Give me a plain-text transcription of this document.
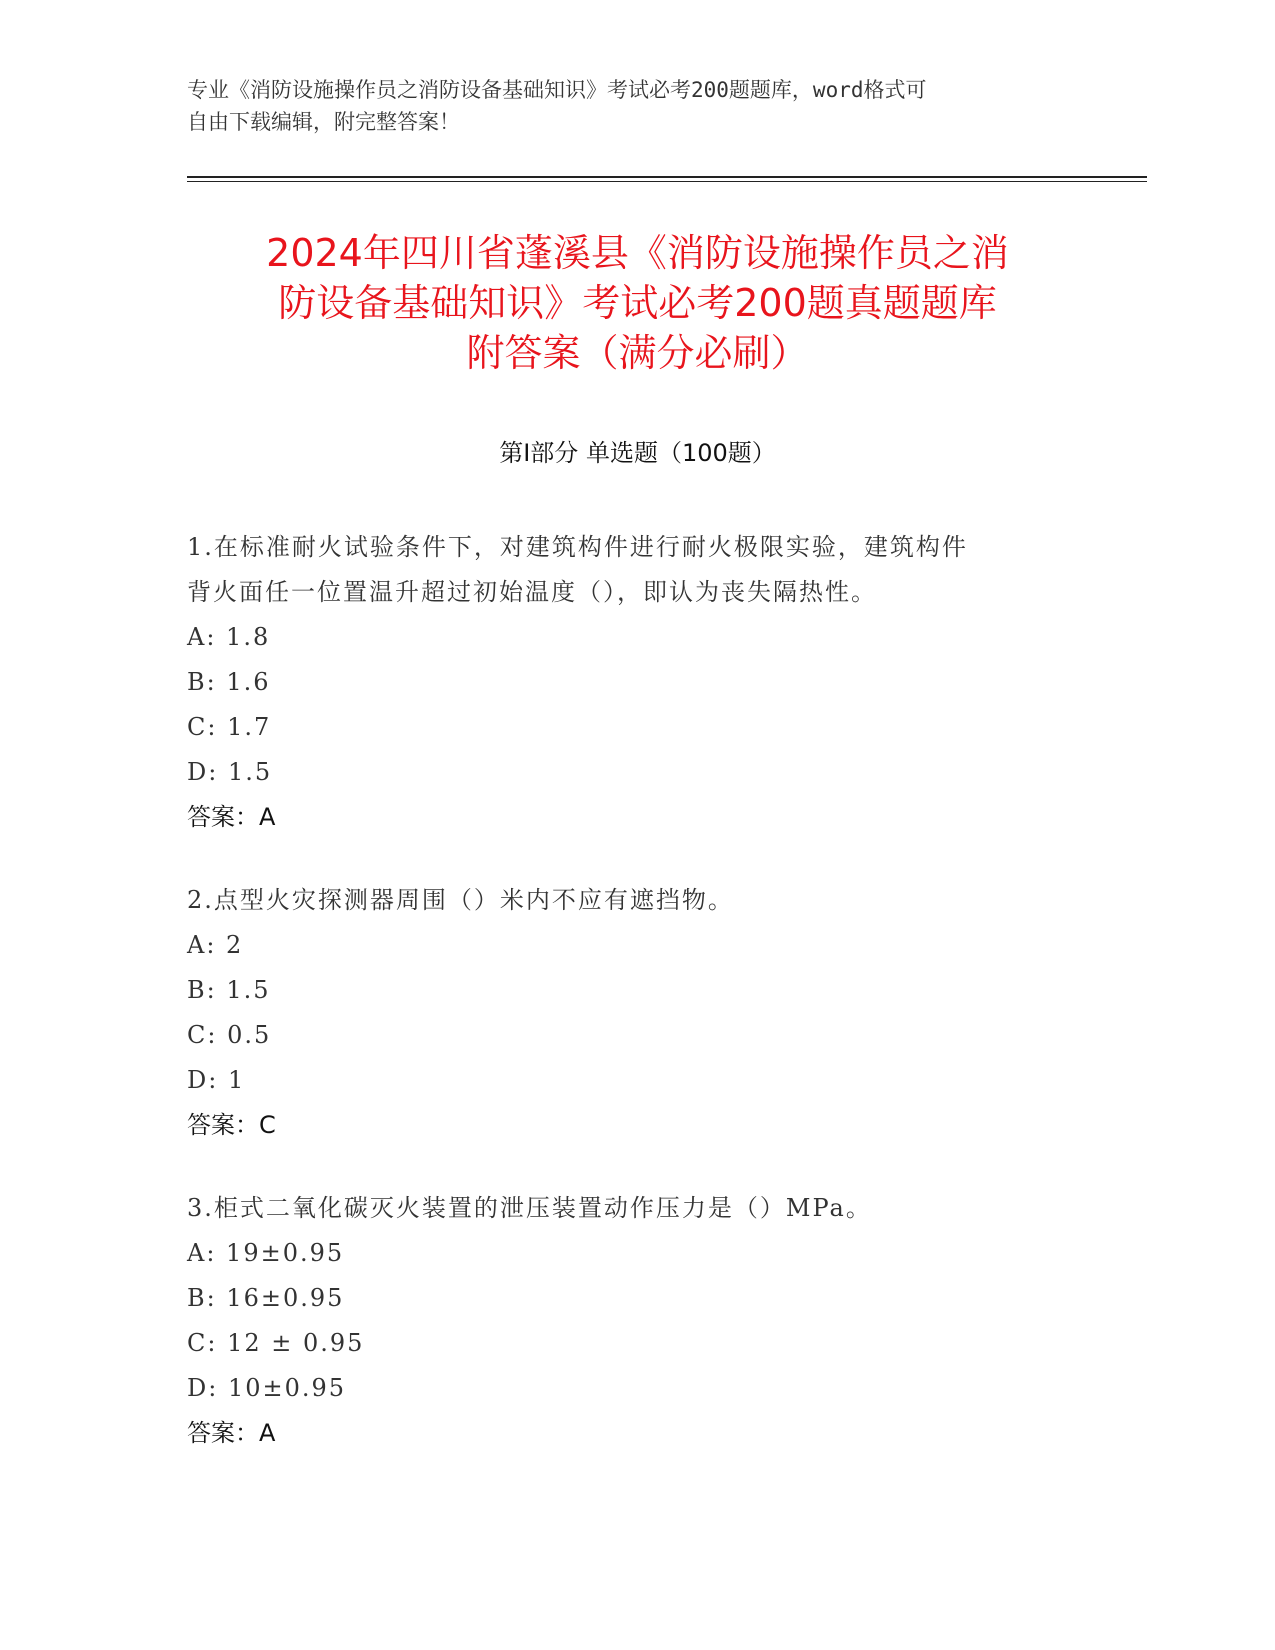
专业《消防设施操作员之消防设备基础知识》考试必考200题题库，word格式可

自由下载编辑，附完整答案！

2024年四川省蓬溪县《消防设施操作员之消

防设备基础知识》考试必考200题真题题库

附答案（满分必刷）

第Ⅰ部分 单选题（100题）

1.在标准耐火试验条件下，对建筑构件进行耐火极限实验，建筑构件

背火面任一位置温升超过初始温度（），即认为丧失隔热性。

A: 1.8
B: 1.6
C: 1.7
D: 1.5
答案：A

2.点型火灾探测器周围（）米内不应有遮挡物。

A: 2
B: 1.5
C: 0.5
D: 1
答案：C

3.柜式二氧化碳灭火装置的泄压装置动作压力是（）MPa。

A: 19±0.95
B: 16±0.95
C: 12 ± 0.95
D: 10±0.95
答案：A
